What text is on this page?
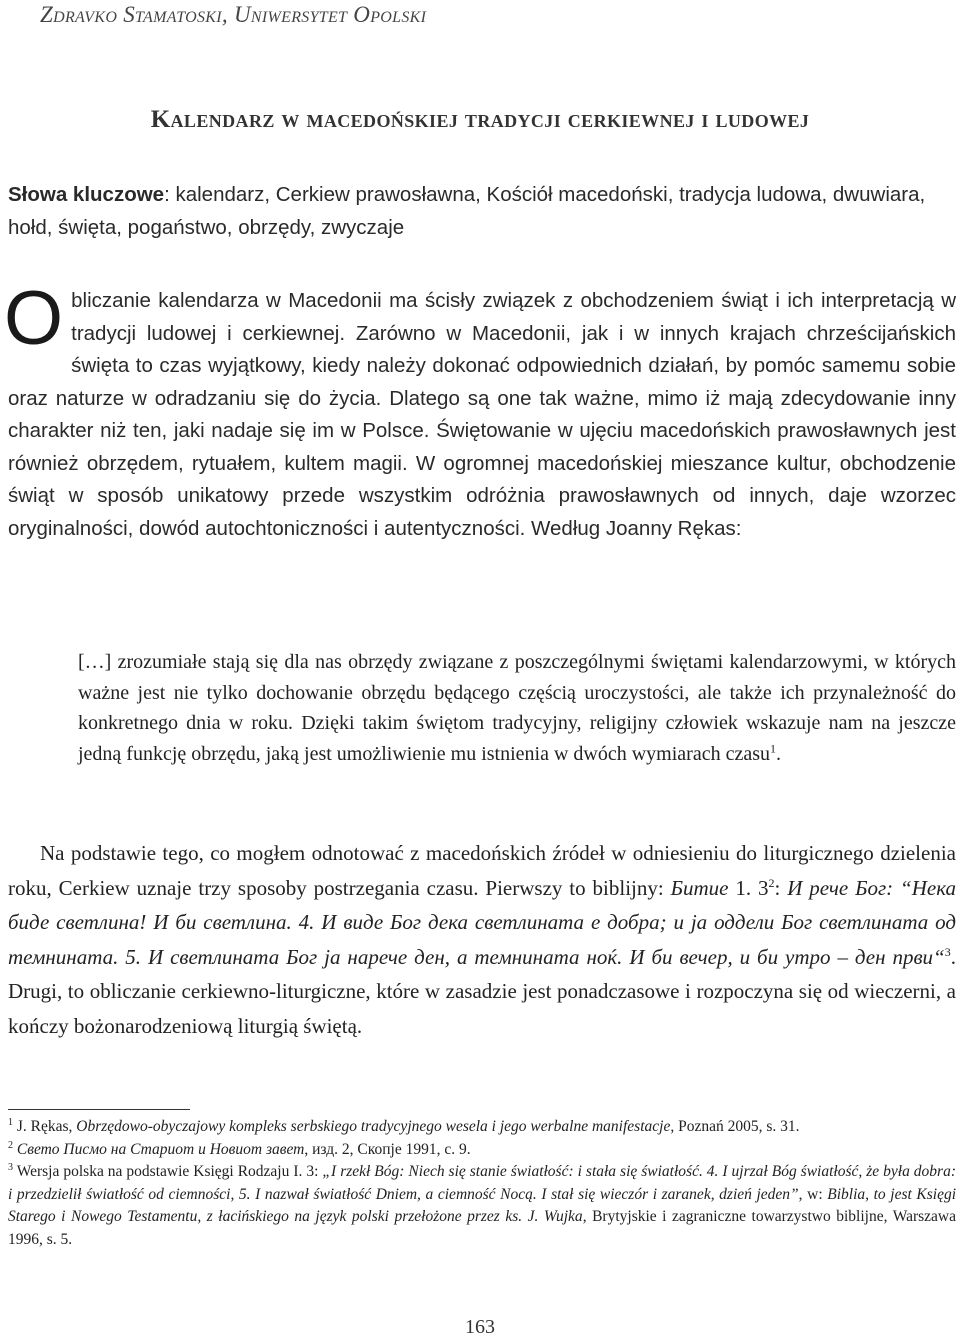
Zdravko Stamatoski, Uniwersytet Opolski
Kalendarz w macedońskiej tradycji cerkiewnej i ludowej
Słowa kluczowe: kalendarz, Cerkiew prawosławna, Kościół macedoński, tradycja ludowa, dwuwiara, hołd, święta, pogaństwo, obrzędy, zwyczaje
Obliczanie kalendarza w Macedonii ma ścisły związek z obchodzeniem świąt i ich interpretacją w tradycji ludowej i cerkiewnej. Zarówno w Macedonii, jak i w innych krajach chrześcijańskich święta to czas wyjątkowy, kiedy należy dokonać odpowiednich działań, by pomóc samemu sobie oraz naturze w odradzaniu się do życia. Dlatego są one tak ważne, mimo iż mają zdecydowanie inny charakter niż ten, jaki nadaje się im w Polsce. Świętowanie w ujęciu macedońskich prawosławnych jest również obrzędem, rytuałem, kultem magii. W ogromnej macedońskiej mieszance kultur, obchodzenie świąt w sposób unikatowy przede wszystkim odróżnia prawosławnych od innych, daje wzorzec oryginalności, dowód autochtoniczności i autentyczności. Według Joanny Rękas:
[…] zrozumiałe stają się dla nas obrzędy związane z poszczególnymi świętami kalendarzowymi, w których ważne jest nie tylko dochowanie obrzędu będącego częścią uroczystości, ale także ich przynależność do konkretnego dnia w roku. Dzięki takim świętom tradycyjny, religijny człowiek wskazuje nam na jeszcze jedną funkcję obrzędu, jaką jest umożliwienie mu istnienia w dwóch wymiarach czasu$^1$.
Na podstawie tego, co mogłem odnotować z macedońskich źródeł w odniesieniu do liturgicznego dzielenia roku, Cerkiew uznaje trzy sposoby postrzegania czasu. Pierwszy to biblijny: Битие 1. $3^2$: И рече Бог: “Нека биде светлина! И би светлина. 4. И виде Бог дека светлината е добра; и ја оддели Бог светлината од темнината. 5. И светлината Бог ја нарече ден, а темнината ноќ. И би вечер, и би утро – ден први“$^3$. Drugi, to obliczanie cerkiewno-liturgiczne, które w zasadzie jest ponadczasowe i rozpoczyna się od wieczerni, a kończy bożonarodzeniową liturgią świętą.

$^1$ J. Rękas, Obrzędowo-obyczajowy kompleks serbskiego tradycyjnego wesela i jego werbalne manifestacje, Poznań 2005, s. 31.

$^2$ Свето Писмо на Стариот и Новиот завет, изд. 2, Скопје 1991, с. 9.

$^3$ Wersja polska na podstawie Księgi Rodzaju I. 3: „I rzekł Bóg: Niech się stanie światłość: i stała się światłość. 4. I ujrzał Bóg światłość, że była dobra: i przedzielił światłość od ciemności, 5. I nazwał światłość Dniem, a ciemność Nocą. I stał się wieczór i zaranek, dzień jeden”, w: Biblia, to jest Księgi Starego i Nowego Testamentu, z łacińskiego na język polski przełożone przez ks. J. Wujka, Brytyjskie i zagraniczne towarzystwo biblijne, Warszawa 1996, s. 5.

163
